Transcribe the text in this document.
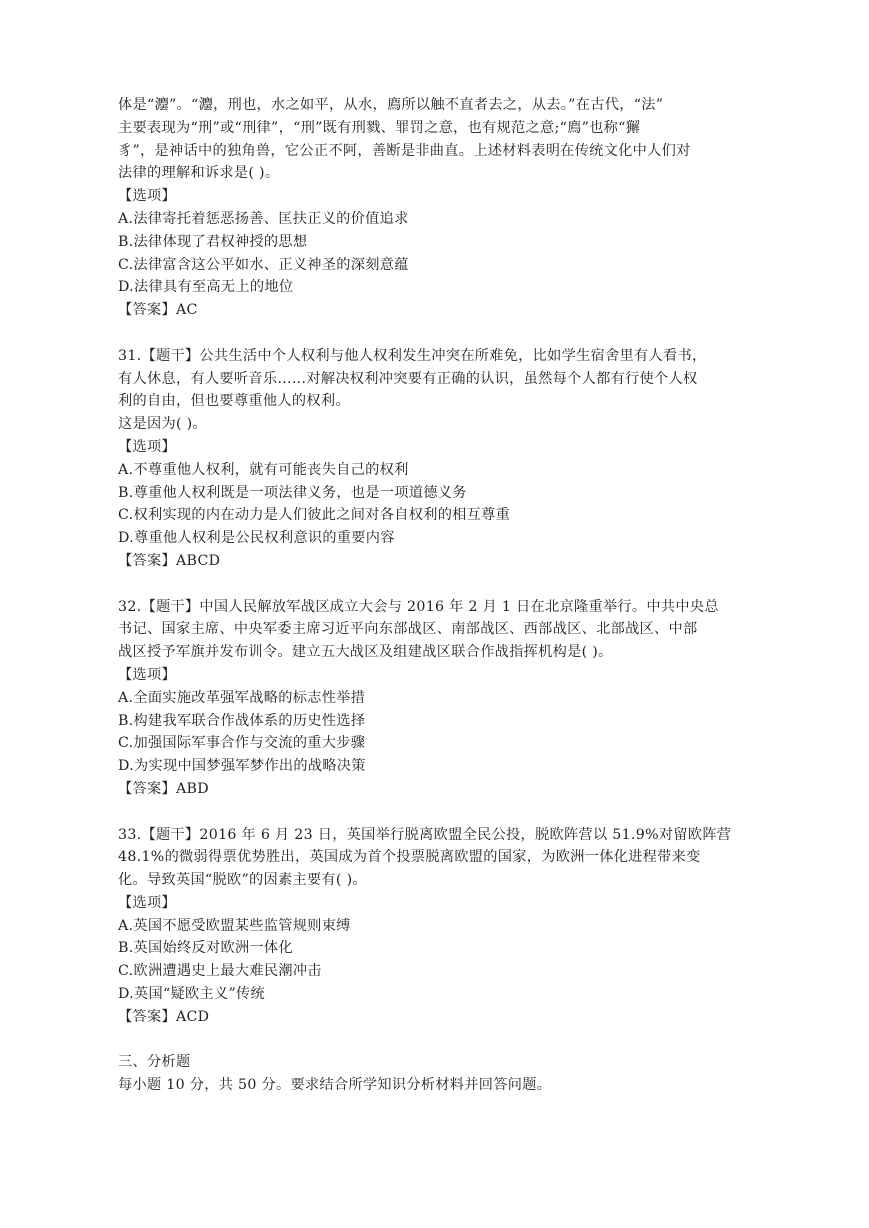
体是“灋”。“灋，刑也，水之如平，从水，廌所以触不直者去之，从去。”在古代，“法”
主要表现为“刑”或“刑律”，“刑”既有刑戮、罪罚之意，也有规范之意;“廌”也称“獬
豸”，是神话中的独角兽，它公正不阿，善断是非曲直。上述材料表明在传统文化中人们对
法律的理解和诉求是( )。
【选项】
A.法律寄托着惩恶扬善、匡扶正义的价值追求
B.法律体现了君权神授的思想
C.法律富含这公平如水、正义神圣的深刻意蕴
D.法律具有至高无上的地位
【答案】AC
31.【题干】公共生活中个人权利与他人权利发生冲突在所难免，比如学生宿舍里有人看书，
有人休息，有人要听音乐……对解决权利冲突要有正确的认识，虽然每个人都有行使个人权
利的自由，但也要尊重他人的权利。
这是因为( )。
【选项】
A.不尊重他人权利，就有可能丧失自己的权利
B.尊重他人权利既是一项法律义务，也是一项道德义务
C.权利实现的内在动力是人们彼此之间对各自权利的相互尊重
D.尊重他人权利是公民权利意识的重要内容
【答案】ABCD
32.【题干】中国人民解放军战区成立大会与 2016 年 2 月 1 日在北京隆重举行。中共中央总
书记、国家主席、中央军委主席习近平向东部战区、南部战区、西部战区、北部战区、中部
战区授予军旗并发布训令。建立五大战区及组建战区联合作战指挥机构是( )。
【选项】
A.全面实施改革强军战略的标志性举措
B.构建我军联合作战体系的历史性选择
C.加强国际军事合作与交流的重大步骤
D.为实现中国梦强军梦作出的战略决策
【答案】ABD
33.【题干】2016 年 6 月 23 日，英国举行脱离欧盟全民公投，脱欧阵营以 51.9%对留欧阵营
48.1%的微弱得票优势胜出，英国成为首个投票脱离欧盟的国家，为欧洲一体化进程带来变
化。导致英国“脱欧”的因素主要有( )。
【选项】
A.英国不愿受欧盟某些监管规则束缚
B.英国始终反对欧洲一体化
C.欧洲遭遇史上最大难民潮冲击
D.英国“疑欧主义”传统
【答案】ACD
三、分析题
每小题 10 分，共 50 分。要求结合所学知识分析材料并回答问题。
